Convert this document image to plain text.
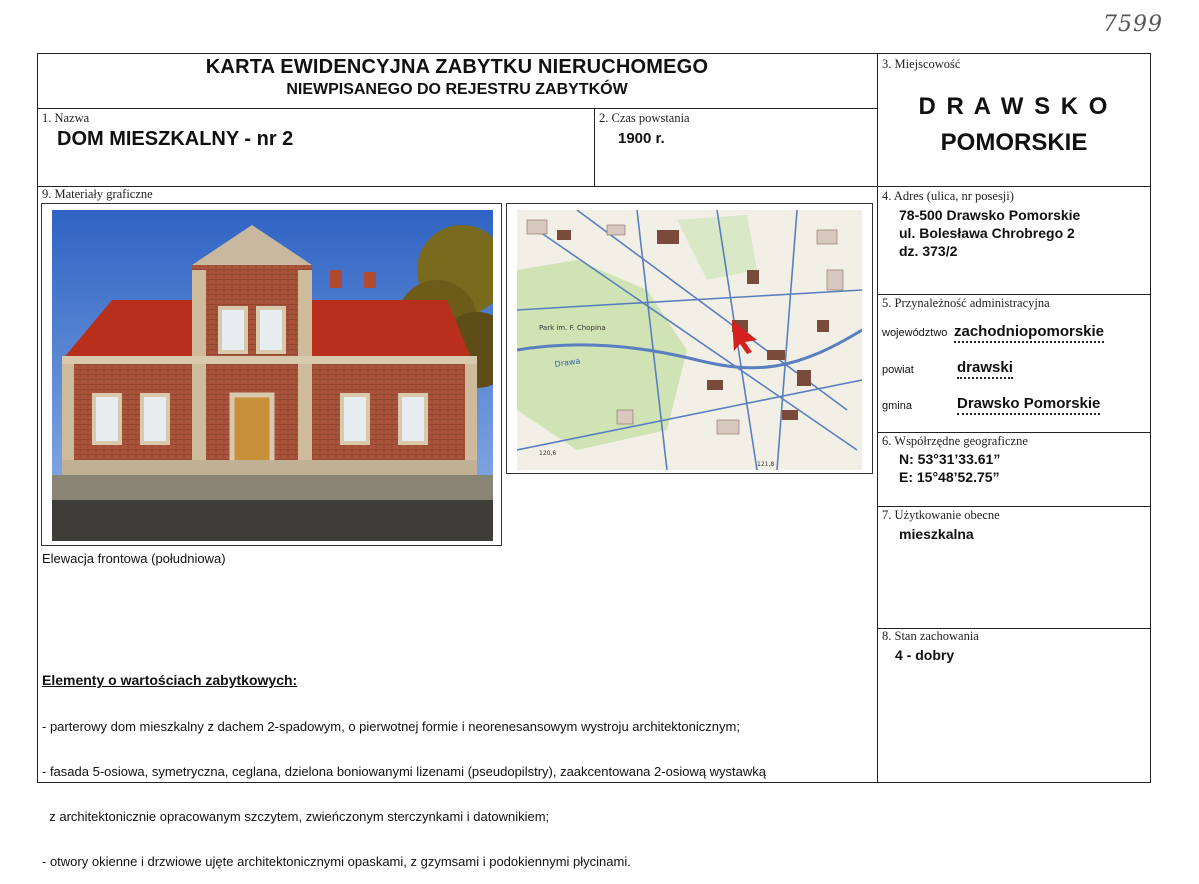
7599
KARTA EWIDENCYJNA ZABYTKU NIERUCHOMEGO
NIEWPISANEGO DO REJESTRU ZABYTKÓW
1. Nazwa
DOM MIESZKALNY - nr 2
2. Czas powstania
1900 r.
3. Miejscowość
D R A W S K O
POMORSKIE
4. Adres (ulica, nr posesji)
78-500 Drawsko Pomorskie
ul. Bolesława Chrobrego 2
dz. 373/2
5. Przynależność administracyjna
województwo zachodniopomorskie
powiat	drawski
gmina	Drawsko Pomorskie
6. Współrzędne geograficzne
N: 53°31’33.61”
E: 15°48’52.75”
7. Użytkowanie obecne
mieszkalna
8. Stan zachowania
4 - dobry
9. Materiały graficzne
Park im. F. Chopina
Drawa
120,6
121,8
Elewacja frontowa (południowa)
Elementy o wartościach zabytkowych:

- parterowy dom mieszkalny z dachem 2-spadowym, o pierwotnej formie i neorenesansowym wystroju architektonicznym;

- fasada 5-osiowa, symetryczna, ceglana, dzielona boniowanymi lizenami (pseudopilstry), zaakcentowana 2-osiową wystawką

z architektonicznie opracowanym szczytem, zwieńczonym sterczynkami i datownikiem;

- otwory okienne i drzwiowe ujęte architektonicznymi opaskami, z gzymsami i podokiennymi płycinami.
